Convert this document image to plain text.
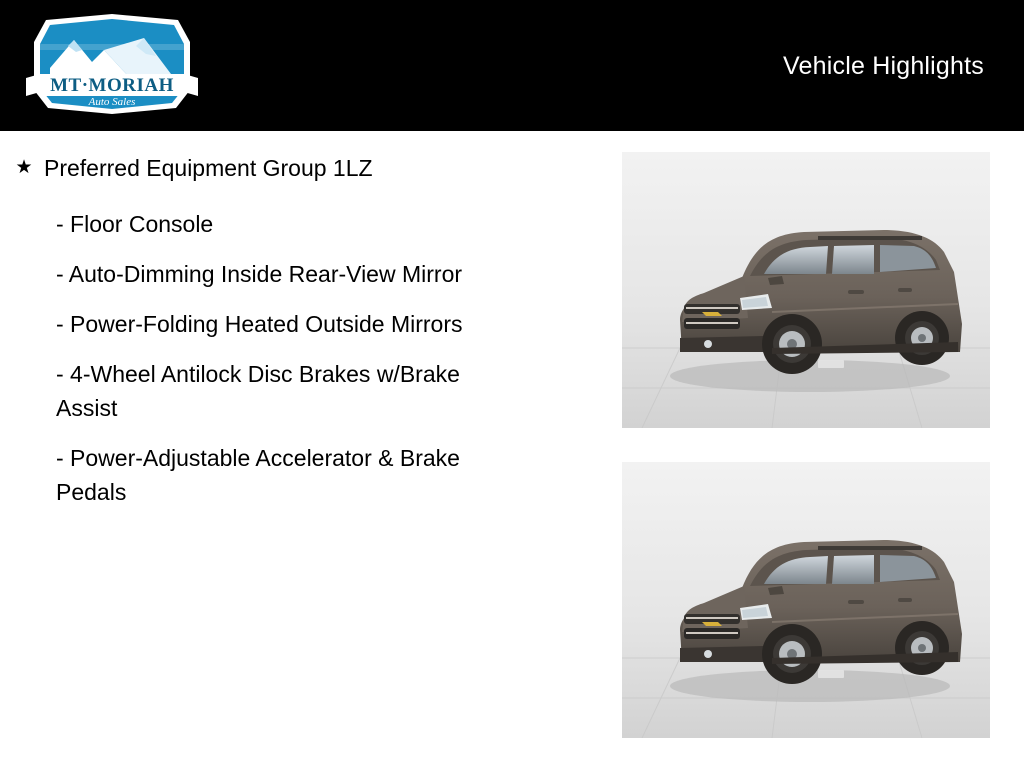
Vehicle Highlights
MT·MORIAH
Auto Sales
★ Preferred Equipment Group 1LZ
- Floor Console
- Auto-Dimming Inside Rear-View Mirror
- Power-Folding Heated Outside Mirrors
- 4-Wheel Antilock Disc Brakes w/Brake Assist
- Power-Adjustable Accelerator & Brake Pedals
